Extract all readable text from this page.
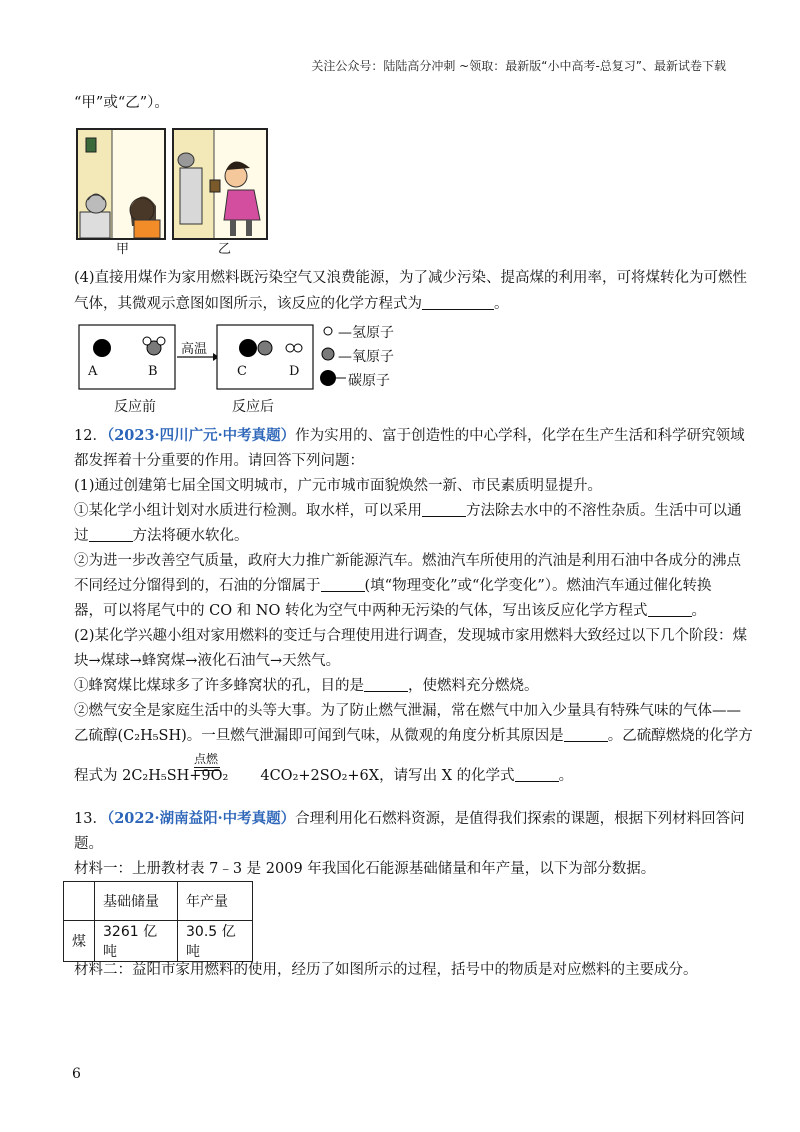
关注公众号：陆陆高分冲刺 ~领取：最新版“小中高考-总复习”、最新试卷下载
“甲”或“乙”）。
甲	乙
(4)直接用煤作为家用燃料既污染空气又浪费能源，为了减少污染、提高煤的利用率，可将煤转化为可燃性
气体，其微观示意图如图所示，该反应的化学方程式为	。
A	B	C	D
高温
—氢原子
—氧原子
碳原子
反应前	反应后
12．（2023·四川广元·中考真题）作为实用的、富于创造性的中心学科，化学在生产生活和科学研究领域
都发挥着十分重要的作用。请回答下列问题：
(1)通过创建第七届全国文明城市，广元市城市面貌焕然一新、市民素质明显提升。
①某化学小组计划对水质进行检测。取水样，可以采用	方法除去水中的不溶性杂质。生活中可以通
过	方法将硬水软化。
②为进一步改善空气质量，政府大力推广新能源汽车。燃油汽车所使用的汽油是利用石油中各成分的沸点
不同经过分馏得到的，石油的分馏属于	(填“物理变化”或“化学变化”）。燃油汽车通过催化转换
器，可以将尾气中的 CO 和 NO 转化为空气中两种无污染的气体，写出该反应化学方程式	。
(2)某化学兴趣小组对家用燃料的变迁与合理使用进行调查，发现城市家用燃料大致经过以下几个阶段：煤
块→煤球→蜂窝煤→液化石油气→天然气。
①蜂窝煤比煤球多了许多蜂窝状的孔，目的是	，使燃料充分燃烧。
②燃气安全是家庭生活中的头等大事。为了防止燃气泄漏，常在燃气中加入少量具有特殊气味的气体——
乙硫醇(C₂H₅SH)。一旦燃气泄漏即可闻到气味，从微观的角度分析其原因是	。乙硫醇燃烧的化学方
点燃
程式为 2C₂H₅SH+9O₂ 4CO₂+2SO₂+6X，请写出 X 的化学式	。
13．（2022·湖南益阳·中考真题）合理利用化石燃料资源，是值得我们探索的课题，根据下列材料回答问
题。
材料一：上册教材表 7﹣3 是 2009 年我国化石能源基础储量和年产量，以下为部分数据。
	基础储量	年产量
煤	3261 亿吨	30.5 亿吨
材料二：益阳市家用燃料的使用，经历了如图所示的过程，括号中的物质是对应燃料的主要成分。
6
